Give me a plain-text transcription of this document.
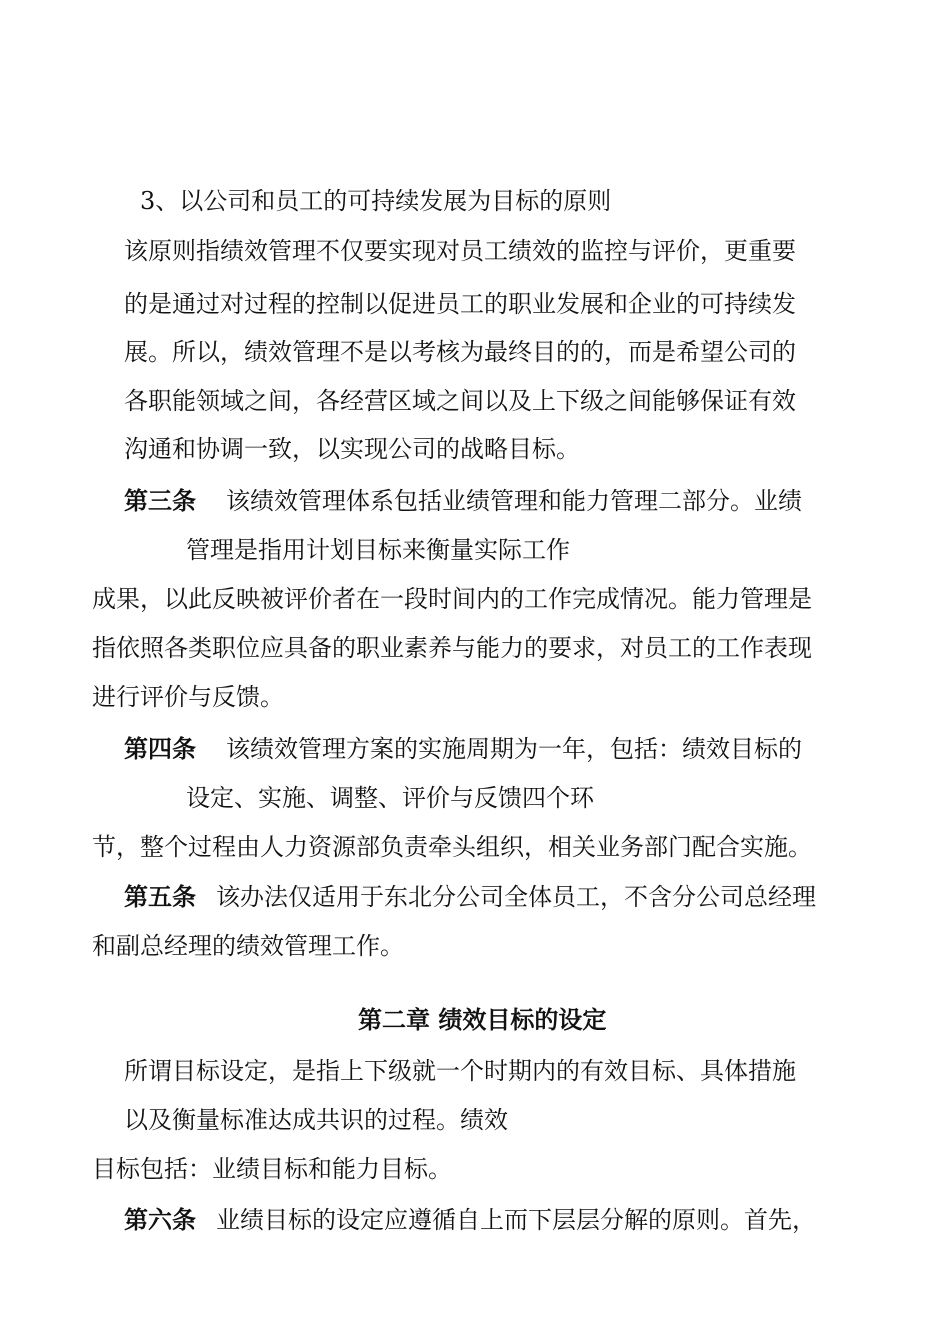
3、以公司和员工的可持续发展为目标的原则
该原则指绩效管理不仅要实现对员工绩效的监控与评价，更重要
的是通过对过程的控制以促进员工的职业发展和企业的可持续发
展。所以，绩效管理不是以考核为最终目的的，而是希望公司的
各职能领域之间，各经营区域之间以及上下级之间能够保证有效
沟通和协调一致，以实现公司的战略目标。
第三条 该绩效管理体系包括业绩管理和能力管理二部分。业绩
管理是指用计划目标来衡量实际工作
成果，以此反映被评价者在一段时间内的工作完成情况。能力管理是
指依照各类职位应具备的职业素养与能力的要求，对员工的工作表现
进行评价与反馈。
第四条 该绩效管理方案的实施周期为一年，包括：绩效目标的
设定、实施、调整、评价与反馈四个环
节，整个过程由人力资源部负责牵头组织，相关业务部门配合实施。
第五条 该办法仅适用于东北分公司全体员工，不含分公司总经理
和副总经理的绩效管理工作。
第二章 绩效目标的设定
所谓目标设定，是指上下级就一个时期内的有效目标、具体措施
以及衡量标准达成共识的过程。绩效
目标包括：业绩目标和能力目标。
第六条 业绩目标的设定应遵循自上而下层层分解的原则。首先，
